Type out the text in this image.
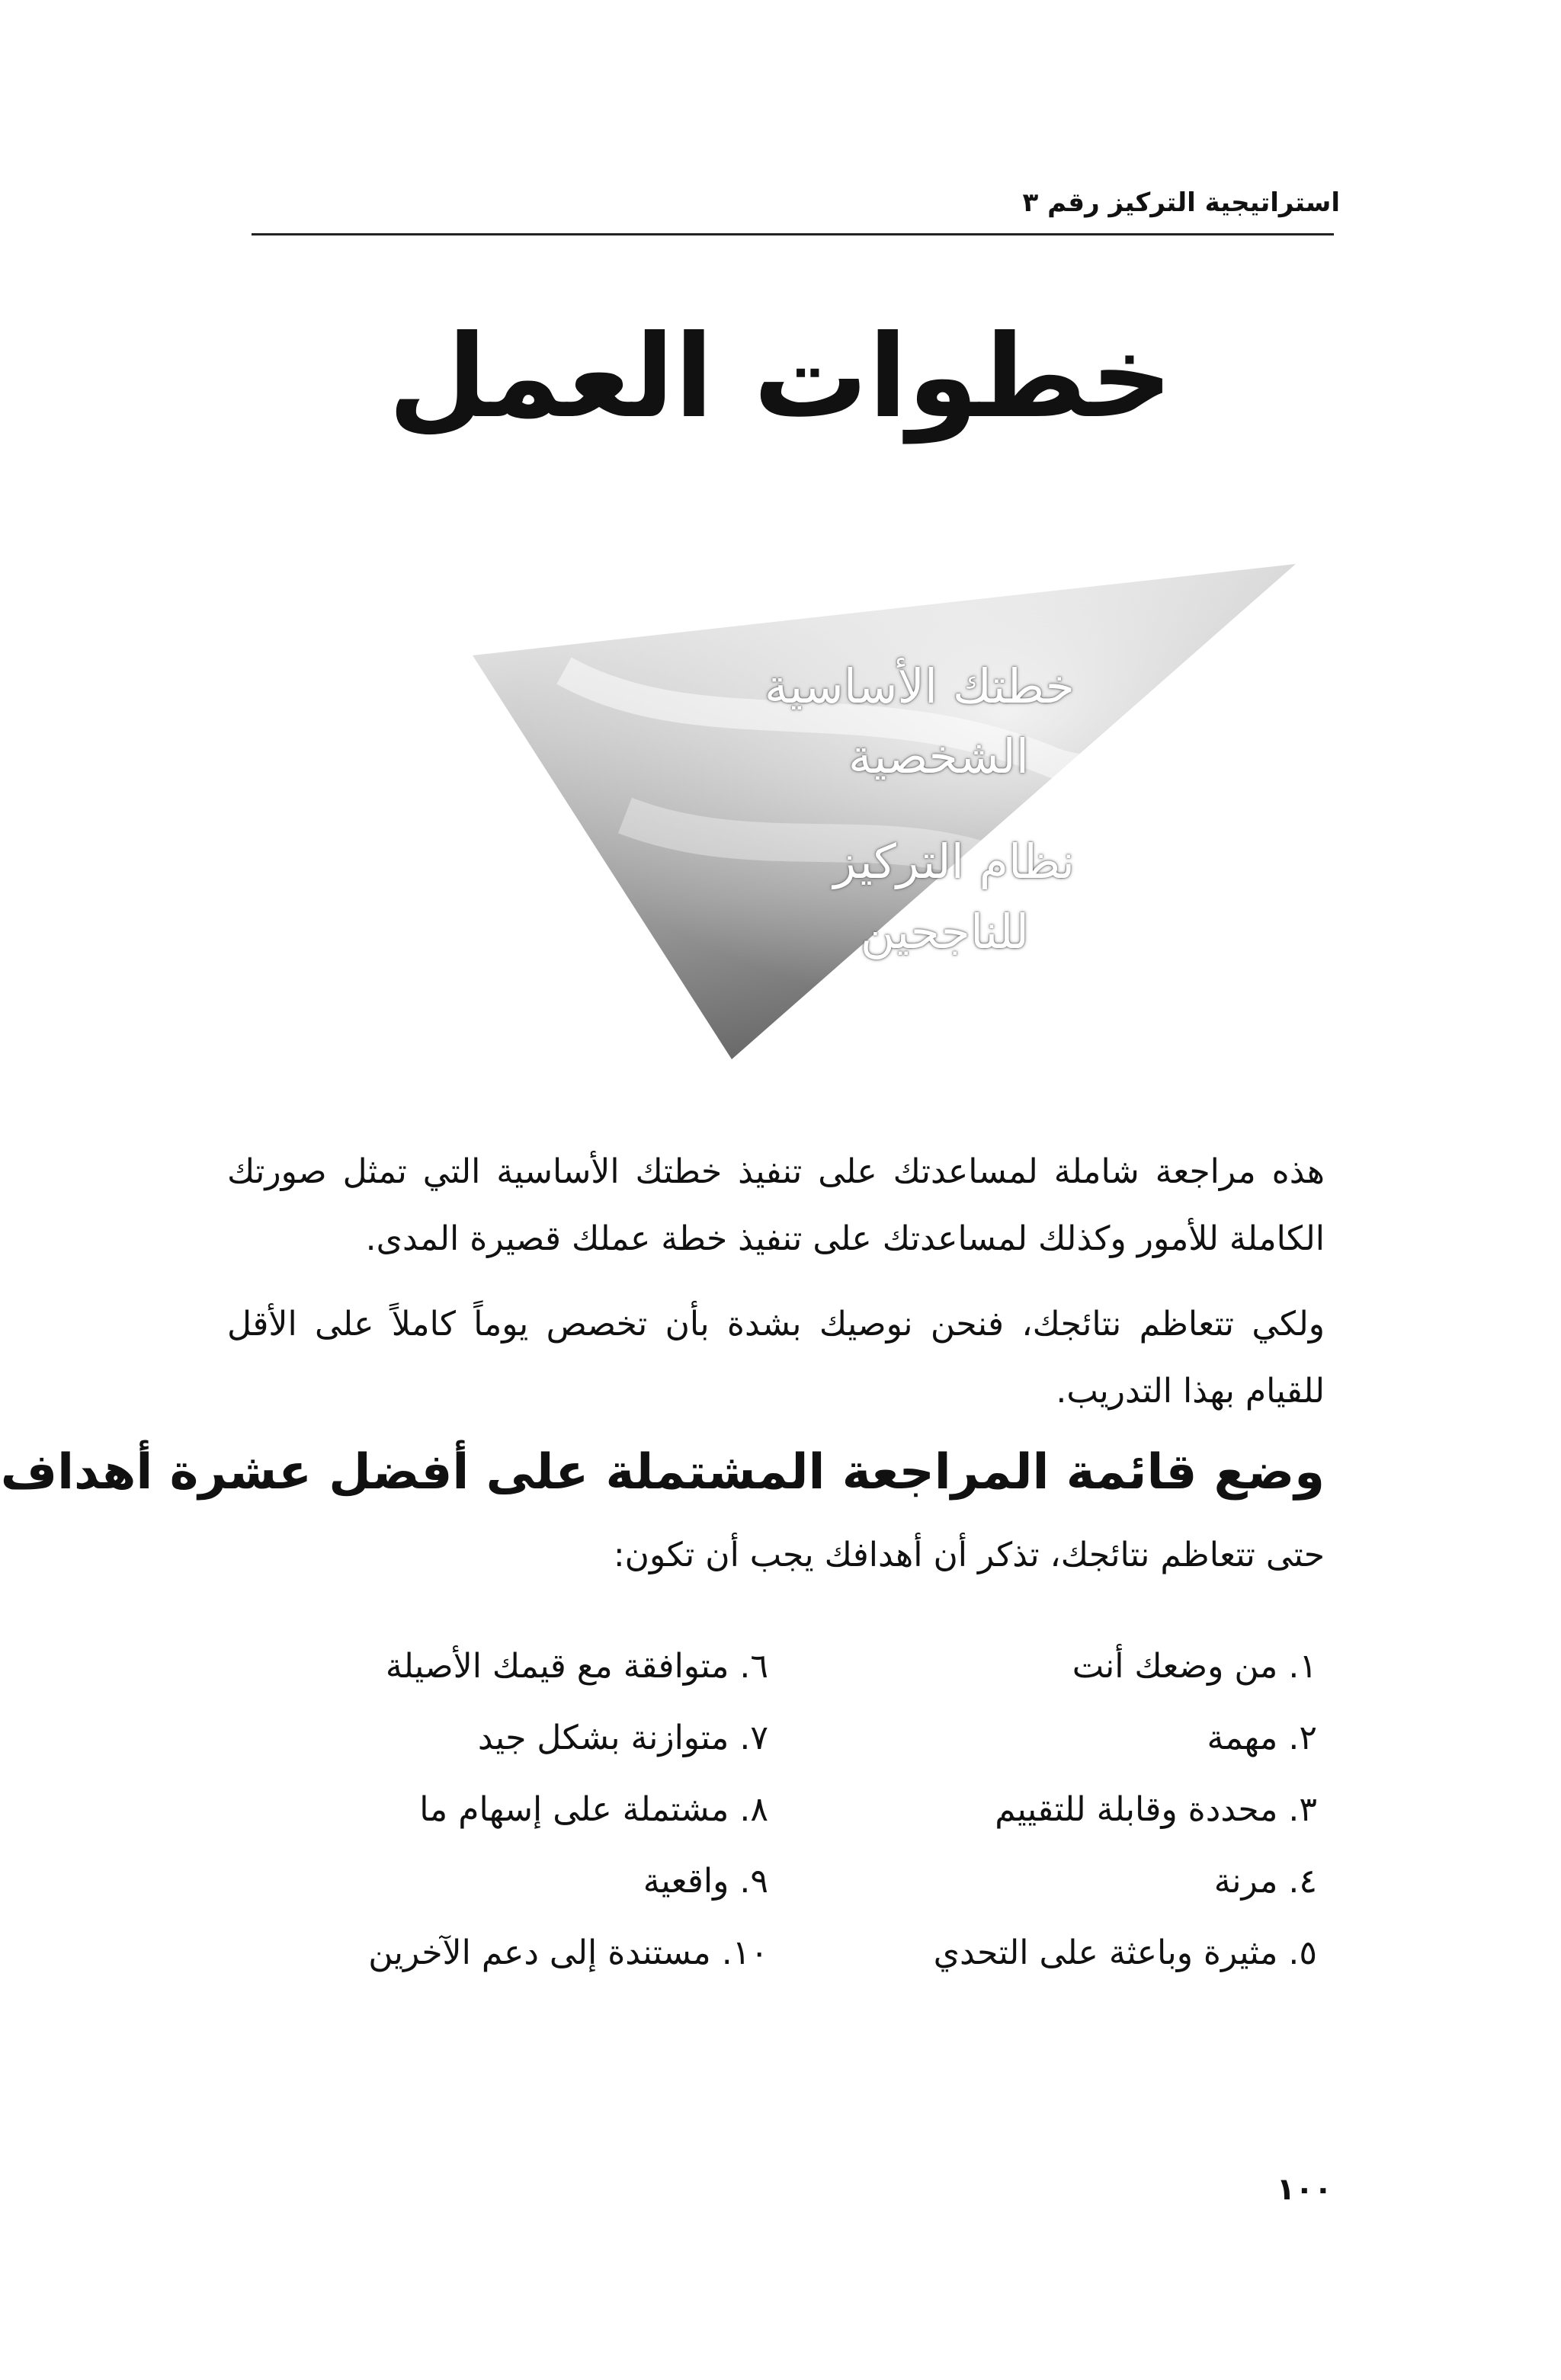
استراتيجية التركيز رقم ٣
خطوات العمل
خطتك الأساسية
الشخصية
نظام التركيز
للناجحين

هذه مراجعة شاملة لمساعدتك على تنفيذ خطتك الأساسية التي تمثل صورتك الكاملة للأمور وكذلك لمساعدتك على تنفيذ خطة عملك قصيرة المدى.

ولكي تتعاظم نتائجك، فنحن نوصيك بشدة بأن تخصص يوماً كاملاً على الأقل للقيام بهذا التدريب.

وضع قائمة المراجعة المشتملة على أفضل عشرة أهداف
حتى تتعاظم نتائجك، تذكر أن أهدافك يجب أن تكون:
١. من وضعك أنت
٢. مهمة
٣. محددة وقابلة للتقييم
٤. مرنة
٥. مثيرة وباعثة على التحدي
٦. متوافقة مع قيمك الأصيلة
٧. متوازنة بشكل جيد
٨. مشتملة على إسهام ما
٩. واقعية
١٠. مستندة إلى دعم الآخرين
١٠٠
